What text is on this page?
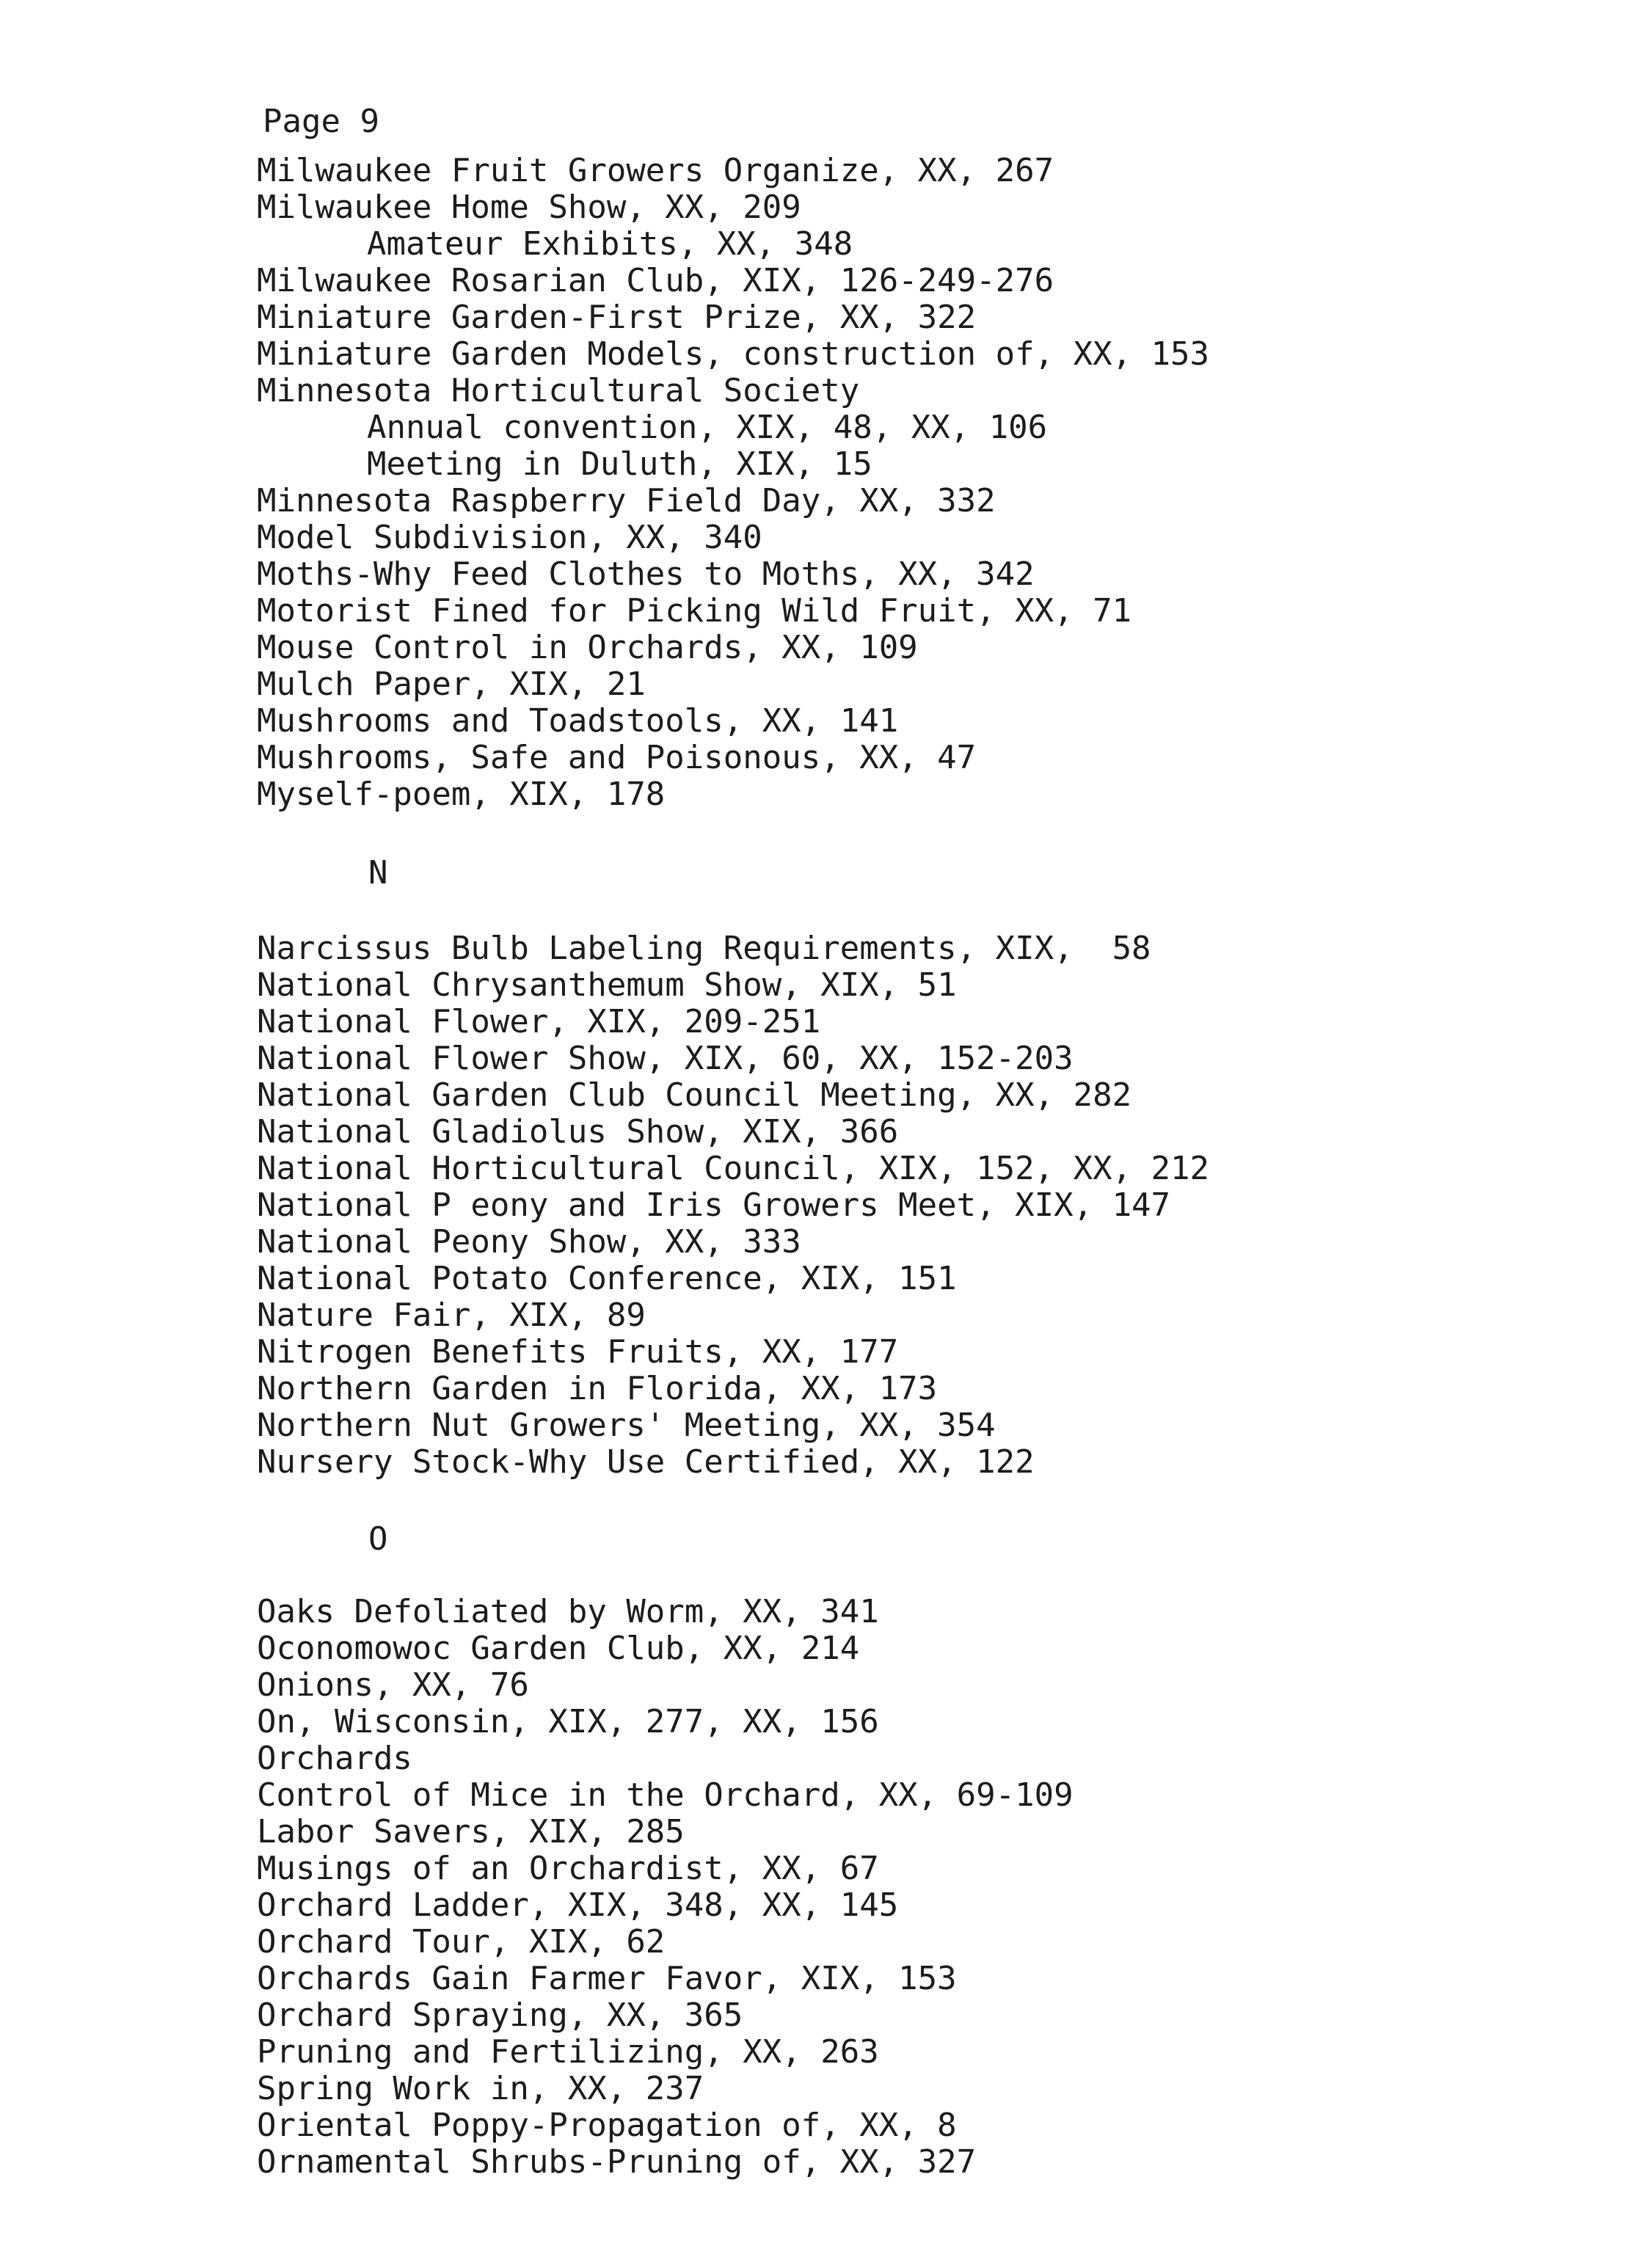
Page 9
Milwaukee Fruit Growers Organize, XX, 267
Milwaukee Home Show, XX, 209
Amateur Exhibits, XX, 348
Milwaukee Rosarian Club, XIX, 126-249-276
Miniature Garden-First Prize, XX, 322
Miniature Garden Models, construction of, XX, 153
Minnesota Horticultural Society
Annual convention, XIX, 48, XX, 106
Meeting in Duluth, XIX, 15
Minnesota Raspberry Field Day, XX, 332
Model Subdivision, XX, 340
Moths-Why Feed Clothes to Moths, XX, 342
Motorist Fined for Picking Wild Fruit, XX, 71
Mouse Control in Orchards, XX, 109
Mulch Paper, XIX, 21
Mushrooms and Toadstools, XX, 141
Mushrooms, Safe and Poisonous, XX, 47
Myself-poem, XIX, 178
N
Narcissus Bulb Labeling Requirements, XIX,  58
National Chrysanthemum Show, XIX, 51
National Flower, XIX, 209-251
National Flower Show, XIX, 60, XX, 152-203
National Garden Club Council Meeting, XX, 282
National Gladiolus Show, XIX, 366
National Horticultural Council, XIX, 152, XX, 212
National P eony and Iris Growers Meet, XIX, 147
National Peony Show, XX, 333
National Potato Conference, XIX, 151
Nature Fair, XIX, 89
Nitrogen Benefits Fruits, XX, 177
Northern Garden in Florida, XX, 173
Northern Nut Growers' Meeting, XX, 354
Nursery Stock-Why Use Certified, XX, 122
O
Oaks Defoliated by Worm, XX, 341
Oconomowoc Garden Club, XX, 214
Onions, XX, 76
On, Wisconsin, XIX, 277, XX, 156
Orchards
Control of Mice in the Orchard, XX, 69-109
Labor Savers, XIX, 285
Musings of an Orchardist, XX, 67
Orchard Ladder, XIX, 348, XX, 145
Orchard Tour, XIX, 62
Orchards Gain Farmer Favor, XIX, 153
Orchard Spraying, XX, 365
Pruning and Fertilizing, XX, 263
Spring Work in, XX, 237
Oriental Poppy-Propagation of, XX, 8
Ornamental Shrubs-Pruning of, XX, 327
